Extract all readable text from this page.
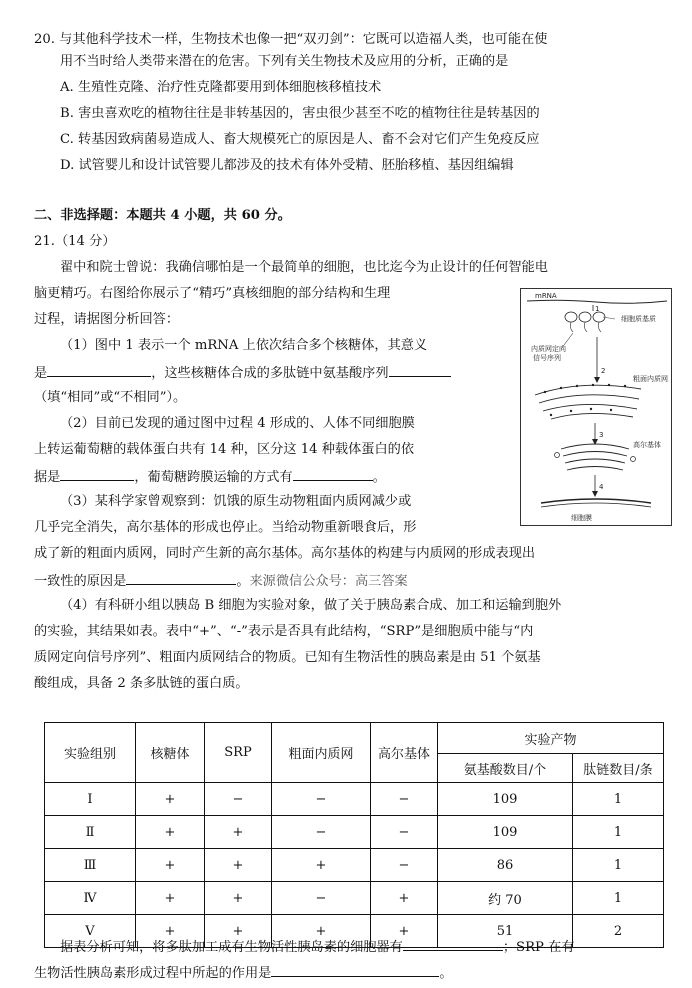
20. 与其他科学技术一样，生物技术也像一把“双刃剑”：它既可以造福人类，也可能在使
用不当时给人类带来潜在的危害。下列有关生物技术及应用的分析，正确的是
A. 生殖性克隆、治疗性克隆都要用到体细胞核移植技术
B. 害虫喜欢吃的植物往往是非转基因的，害虫很少甚至不吃的植物往往是转基因的
C. 转基因致病菌易造成人、畜大规模死亡的原因是人、畜不会对它们产生免疫反应
D. 试管婴儿和设计试管婴儿都涉及的技术有体外受精、胚胎移植、基因组编辑
二、非选择题：本题共 4 小题，共 60 分。
21.（14 分）
翟中和院士曾说：我确信哪怕是一个最简单的细胞，也比迄今为止设计的任何智能电
脑更精巧。右图给你展示了“精巧”真核细胞的部分结构和生理
过程，请据图分析回答：
（1）图中 1 表示一个 mRNA 上依次结合多个核糖体，其意义
是	，这些核糖体合成的多肽链中氨基酸序列
（填“相同”或“不相同”）。
（2）目前已发现的通过图中过程 4 形成的、人体不同细胞膜
上转运葡萄糖的载体蛋白共有 14 种，区分这 14 种载体蛋白的依
据是	，葡萄糖跨膜运输的方式有	。
（3）某科学家曾观察到：饥饿的原生动物粗面内质网减少或
几乎完全消失，高尔基体的形成也停止。当给动物重新喂食后，形
成了新的粗面内质网，同时产生新的高尔基体。高尔基体的构建与内质网的形成表现出
一致性的原因是	。来源微信公众号：高三答案
（4）有科研小组以胰岛 B 细胞为实验对象，做了关于胰岛素合成、加工和运输到胞外
的实验，其结果如表。表中“+”、“-”表示是否具有此结构，“SRP”是细胞质中能与“内
质网定向信号序列”、粗面内质网结合的物质。已知有生物活性的胰岛素是由 51 个氨基
酸组成，具备 2 条多肽链的蛋白质。
mRNA
细胞质基质
1
内质网定向
信号序列
2
粗面内质网
3
高尔基体
4
细胞膜
实验组别	核糖体	SRP	粗面内质网	高尔基体	实验产物	
					氨基酸数目/个	肽链数目/条
Ⅰ	+	−	−	−	109	1
Ⅱ	+	+	−	−	109	1
Ⅲ	+	+	+	−	86	1
Ⅳ	+	+	−	+	约 70	1
Ⅴ	+	+	+	+	51	2
据表分析可知，将多肽加工成有生物活性胰岛素的细胞器有	；SRP 在有
生物活性胰岛素形成过程中所起的作用是	。
